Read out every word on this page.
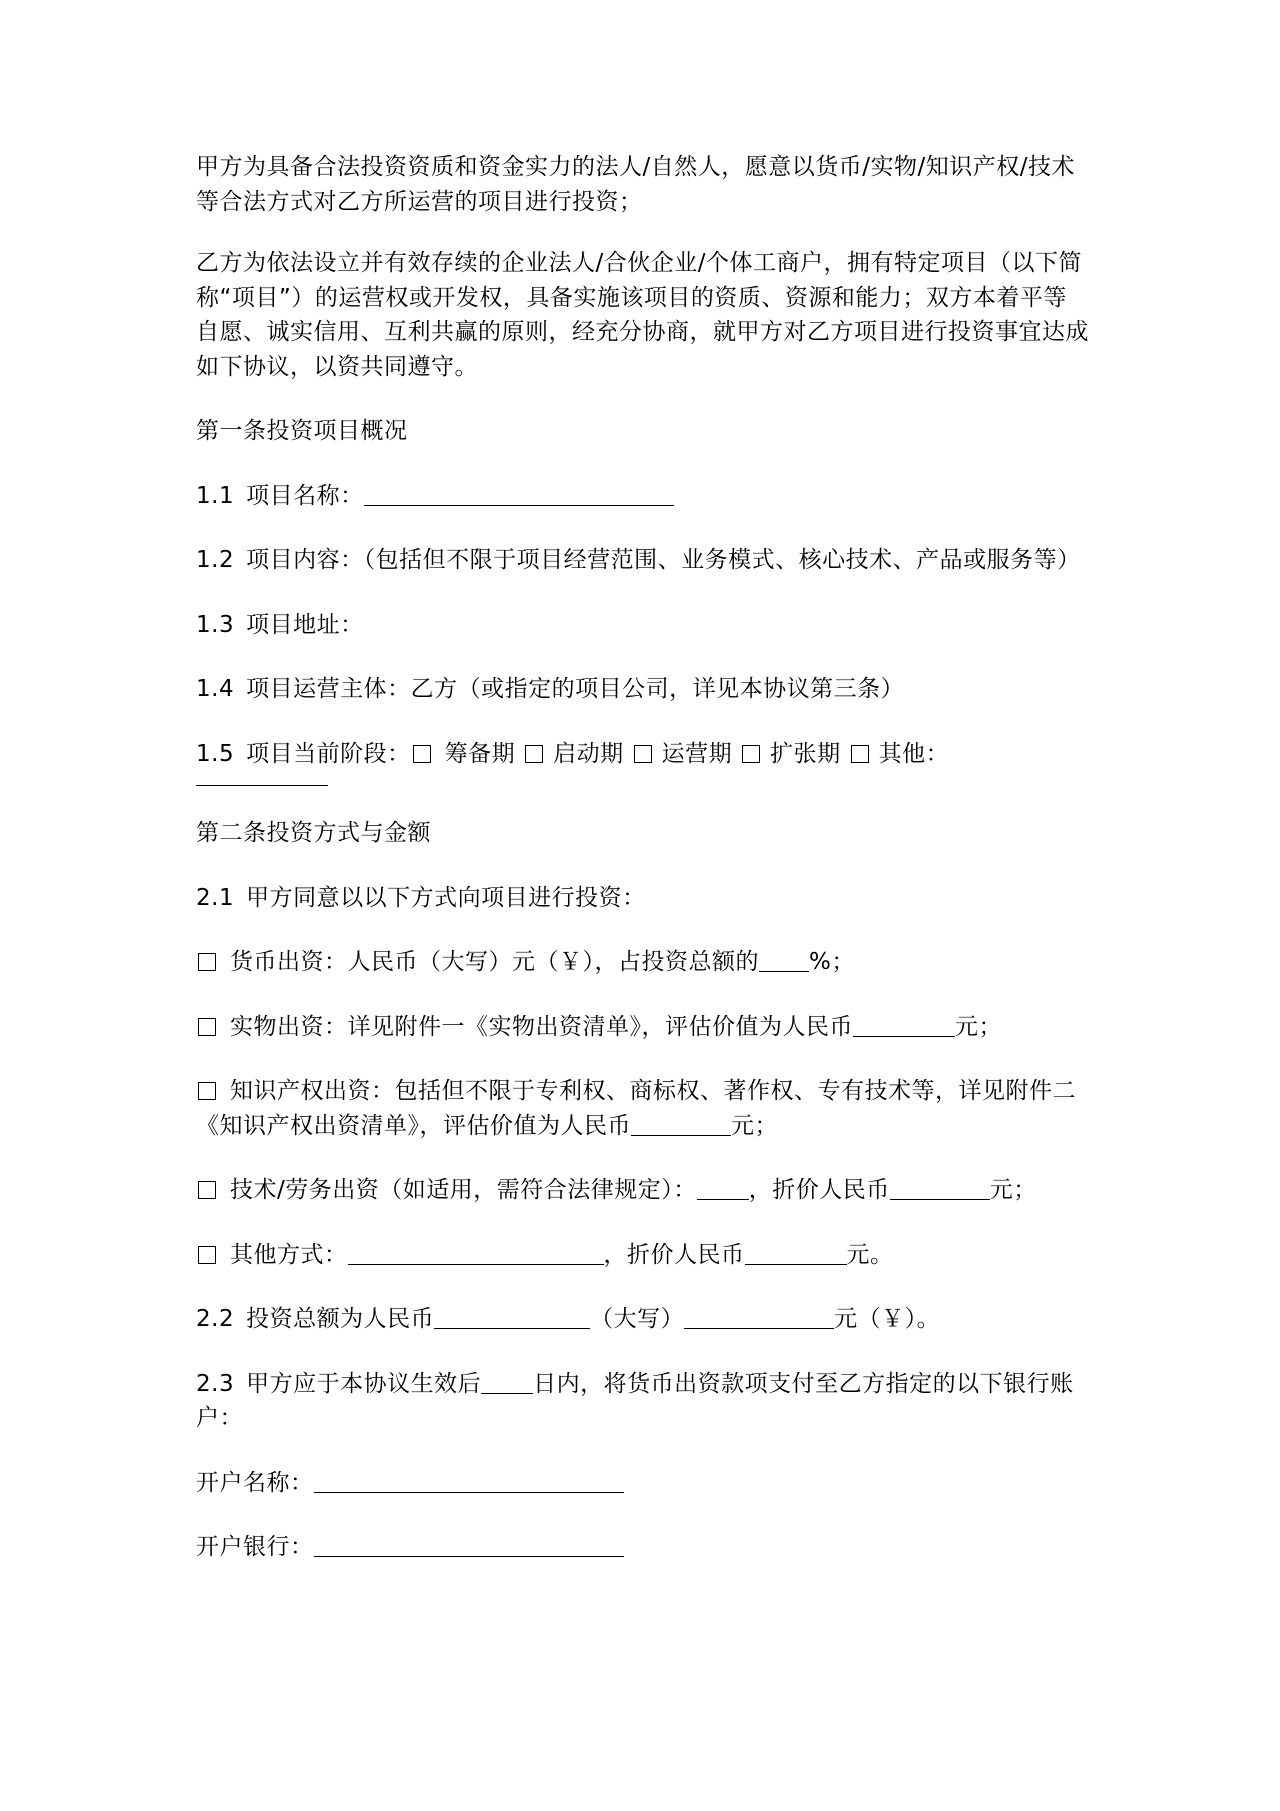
甲方为具备合法投资资质和资金实力的法人/自然人，愿意以货币/实物/知识产权/技术等合法方式对乙方所运营的项目进行投资；

乙方为依法设立并有效存续的企业法人/合伙企业/个体工商户，拥有特定项目（以下简称“项目”）的运营权或开发权，具备实施该项目的资质、资源和能力；双方本着平等自愿、诚实信用、互利共赢的原则，经充分协商，就甲方对乙方项目进行投资事宜达成如下协议，以资共同遵守。

第一条投资项目概况

1.1 项目名称：

1.2 项目内容：（包括但不限于项目经营范围、业务模式、核心技术、产品或服务等）

1.3 项目地址：

1.4 项目运营主体：乙方（或指定的项目公司，详见本协议第三条）

1.5 项目当前阶段： 筹备期 启动期 运营期 扩张期 其他：

第二条投资方式与金额

2.1 甲方同意以以下方式向项目进行投资：

货币出资：人民币（大写）元（￥），占投资总额的 %；

实物出资：详见附件一《实物出资清单》，评估价值为人民币	元；

知识产权出资：包括但不限于专利权、商标权、著作权、专有技术等，详见附件二《知识产权出资清单》，评估价值为人民币	元；

技术/劳务出资（如适用，需符合法律规定）： ，折价人民币	元；

其他方式：	，折价人民币	元。

2.2 投资总额为人民币	（大写）	元（￥）。

2.3 甲方应于本协议生效后 日内，将货币出资款项支付至乙方指定的以下银行账户：

开户名称：

开户银行：
